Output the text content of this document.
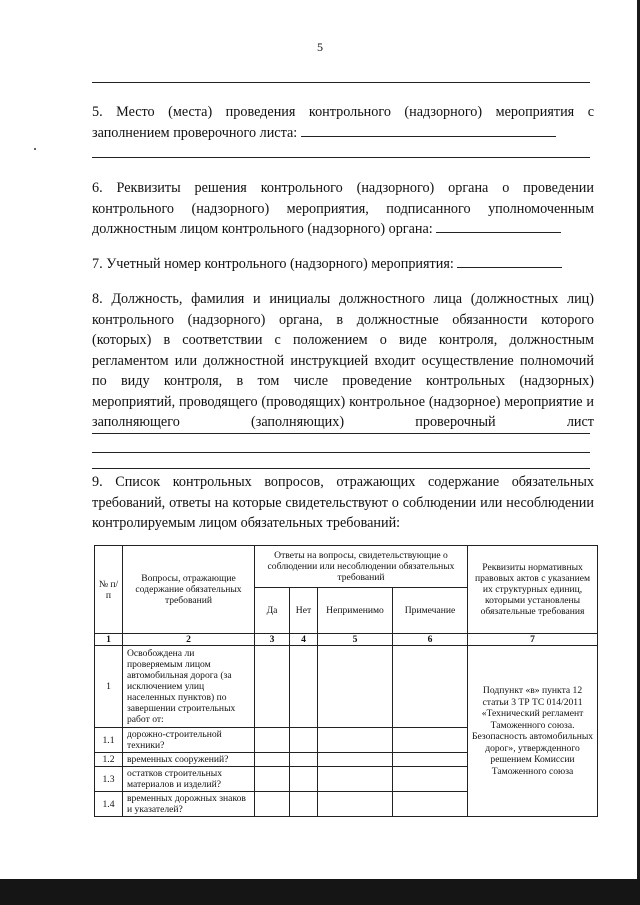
5
5. Место (места) проведения контрольного (надзорного) мероприятия с заполнением проверочного листа:
6. Реквизиты решения контрольного (надзорного) органа о проведении контрольного (надзорного) мероприятия, подписанного уполномоченным должностным лицом контрольного (надзорного) органа:
7. Учетный номер контрольного (надзорного) мероприятия:
8. Должность, фамилия и инициалы должностного лица (должностных лиц) контрольного (надзорного) органа, в должностные обязанности которого (которых) в соответствии с положением о виде контроля, должностным регламентом или должностной инструкцией входит осуществление полномочий по виду контроля, в том числе проведение контрольных (надзорных) мероприятий, проводящего (проводящих) контрольное (надзорное) мероприятие и заполняющего (заполняющих) проверочный лист
9. Список контрольных вопросов, отражающих содержание обязательных требований, ответы на которые свидетельствуют о соблюдении или несоблюдении контролируемым лицом обязательных требований:
№ п/п	Вопросы, отражающие содержание обязательных требований	Ответы на вопросы, свидетельствующие о соблюдении или несоблюдении обязательных требований				Реквизиты нормативных правовых актов с указанием их структурных единиц, которыми установлены обязательные требования
		Да	Нет	Неприменимо	Примечание	
1	2	3	4	5	6	7
1	Освобождена ли проверяемым лицом автомобильная дорога (за исключением улиц населенных пунктов) по завершении строительных работ от:					Подпункт «в» пункта 12 статьи 3 ТР ТС 014/2011 «Технический регламент Таможенного союза. Безопасность автомобильных дорог», утвержденного решением Комиссии Таможенного союза
1.1	дорожно-строительной техники?					
1.2	временных сооружений?					
1.3	остатков строительных материалов и изделий?					
1.4	временных дорожных знаков и указателей?					
